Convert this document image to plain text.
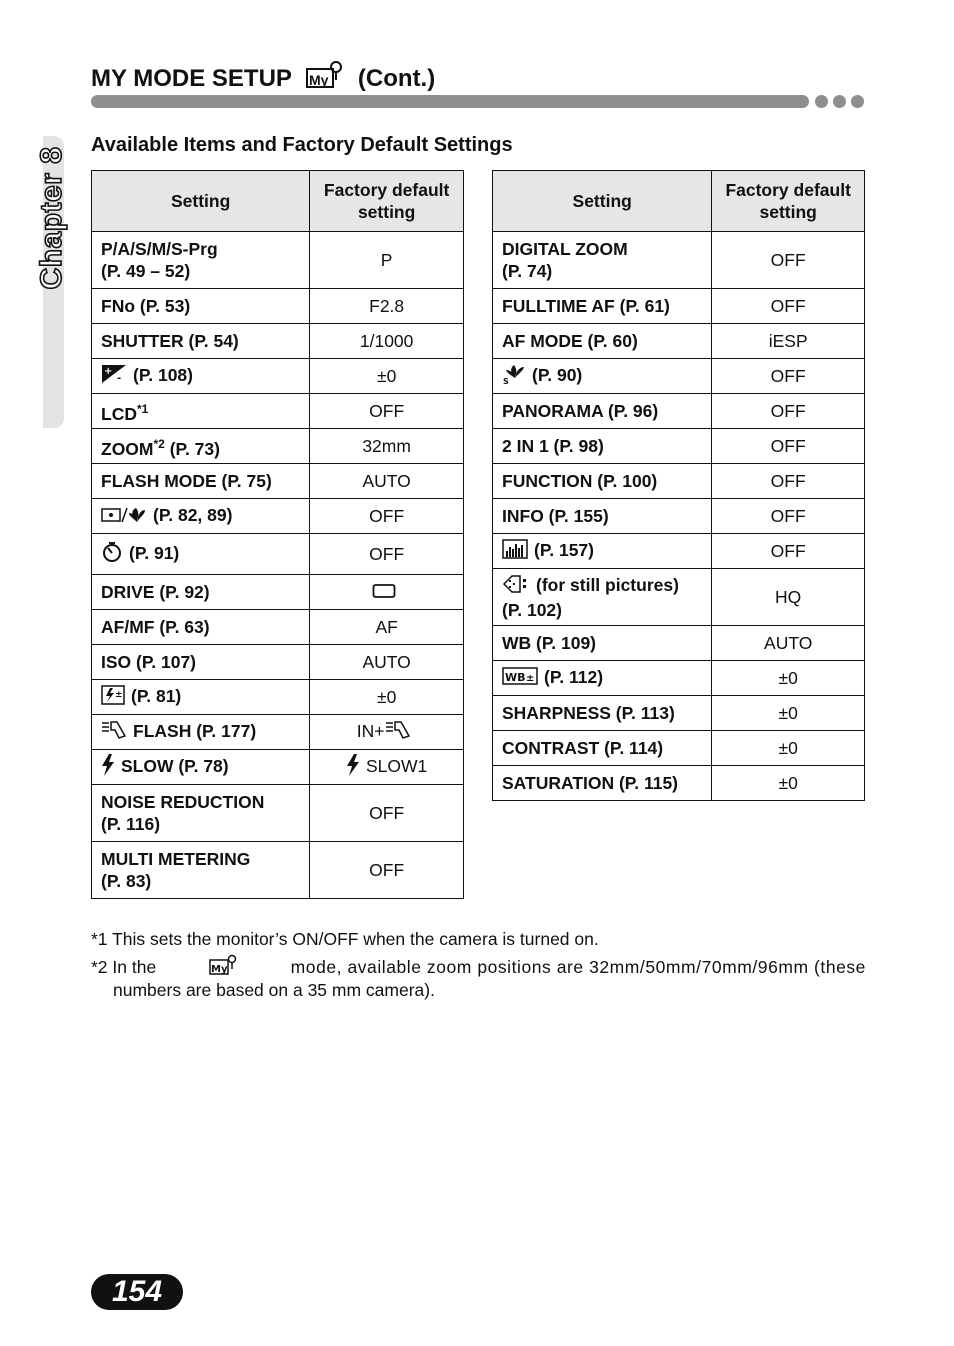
MY MODE SETUP My (Cont.)
Chapter 8
Available Items and Factory Default Settings
Setting	Factory default setting
P/A/S/M/S-Prg
(P. 49 – 52)	P
FNo (P. 53)	F2.8
SHUTTER (P. 54)	1/1000

+
- (P. 108)	±0
LCD$^{*1}$	OFF
ZOOM$^{*2}$ (P. 73)	32mm
FLASH MODE (P. 75)	AUTO
(P. 82, 89)	OFF
(P. 91)	OFF
DRIVE (P. 92)	
AF/MF (P. 63)	AF
ISO (P. 107)	AUTO

± (P. 81)	±0
FLASH (P. 177)	IN+
SLOW (P. 78)	SLOW1
NOISE REDUCTION
(P. 116)	OFF
MULTI METERING
(P. 83)	OFF
Setting	Factory default setting
DIGITAL ZOOM
(P. 74)	OFF
FULLTIME AF (P. 61)	OFF
AF MODE (P. 60)	iESP

S (P. 90)	OFF
PANORAMA (P. 96)	OFF
2 IN 1 (P. 98)	OFF
FUNCTION (P. 100)	OFF
INFO (P. 155)	OFF
(P. 157)	OFF
(for still pictures)
(P. 102)	HQ
WB (P. 109)	AUTO

WB ± (P. 112)	±0
SHARPNESS (P. 113)	±0
CONTRAST (P. 114)	±0
SATURATION (P. 115)	±0
*1 This sets the monitor’s ON/OFF when the camera is turned on.
*2 In the	My	mode, available zoom positions are 32mm/50mm/70mm/96mm (these
numbers are based on a 35 mm camera).
154
